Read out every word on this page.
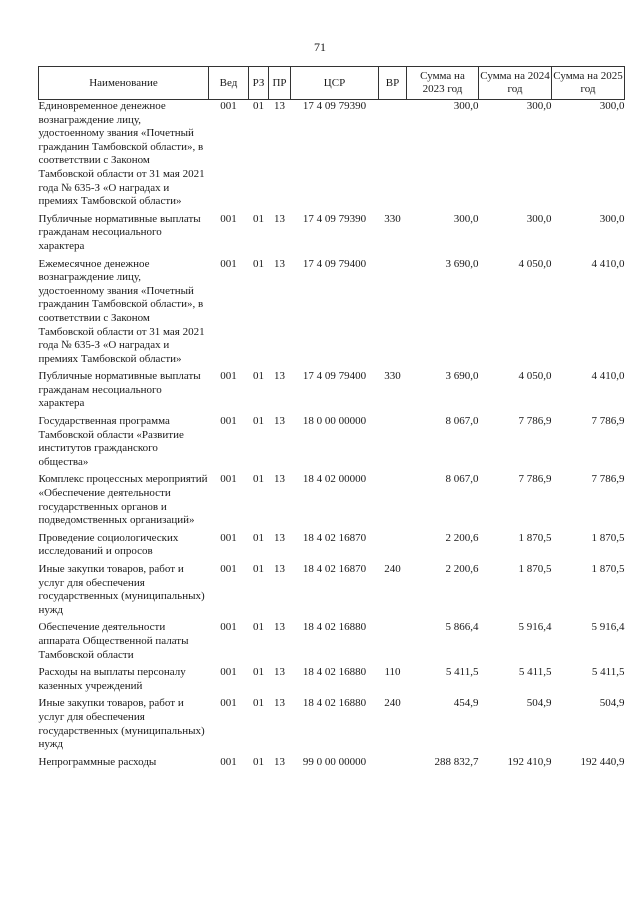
71
Наименование	Вед	РЗ	ПР	ЦСР	ВР	Сумма на 2023 год	Сумма на 2024 год	Сумма на 2025 год
Единовременное денежное вознаграждение лицу, удостоенному звания «Почетный гражданин Тамбовской области», в соответствии с Законом Тамбовской области от 31 мая 2021 года № 635-З «О наградах и премиях Тамбовской области»	001	01	13	17 4 09 79390		300,0	300,0	300,0
Публичные нормативные выплаты гражданам несоциального характера	001	01	13	17 4 09 79390	330	300,0	300,0	300,0
Ежемесячное денежное вознаграждение лицу, удостоенному звания «Почетный гражданин Тамбовской области», в соответствии с Законом Тамбовской области от 31 мая 2021 года № 635-З «О наградах и премиях Тамбовской области»	001	01	13	17 4 09 79400		3 690,0	4 050,0	4 410,0
Публичные нормативные выплаты гражданам несоциального характера	001	01	13	17 4 09 79400	330	3 690,0	4 050,0	4 410,0
Государственная программа Тамбовской области «Развитие институтов гражданского общества»	001	01	13	18 0 00 00000		8 067,0	7 786,9	7 786,9
Комплекс процессных мероприятий «Обеспечение деятельности государственных органов и подведомственных организаций»	001	01	13	18 4 02 00000		8 067,0	7 786,9	7 786,9
Проведение социологических исследований и опросов	001	01	13	18 4 02 16870		2 200,6	1 870,5	1 870,5
Иные закупки товаров, работ и услуг для обеспечения государственных (муниципальных) нужд	001	01	13	18 4 02 16870	240	2 200,6	1 870,5	1 870,5
Обеспечение деятельности аппарата Общественной палаты Тамбовской области	001	01	13	18 4 02 16880		5 866,4	5 916,4	5 916,4
Расходы на выплаты персоналу казенных учреждений	001	01	13	18 4 02 16880	110	5 411,5	5 411,5	5 411,5
Иные закупки товаров, работ и услуг для обеспечения государственных (муниципальных) нужд	001	01	13	18 4 02 16880	240	454,9	504,9	504,9
Непрограммные расходы	001	01	13	99 0 00 00000		288 832,7	192 410,9	192 440,9
